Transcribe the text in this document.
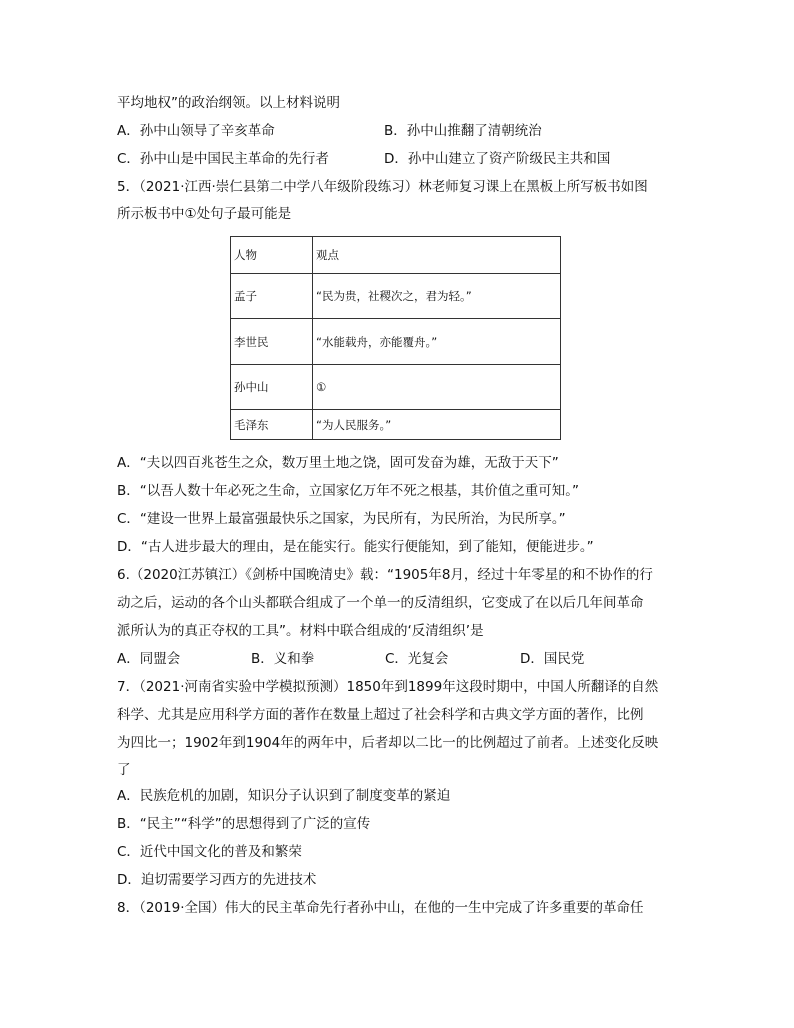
平均地权”的政治纲领。以上材料说明
A．孙中山领导了辛亥革命	B．孙中山推翻了清朝统治
C．孙中山是中国民主革命的先行者	D．孙中山建立了资产阶级民主共和国
5．（2021·江西·崇仁县第二中学八年级阶段练习）林老师复习课上在黑板上所写板书如图
所示板书中①处句子最可能是
人物	观点
孟子	“民为贵，社稷次之，君为轻。”
李世民	“水能载舟，亦能覆舟。”
孙中山	①
毛泽东	“为人民服务。”
A．“夫以四百兆苍生之众，数万里土地之饶，固可发奋为雄，无敌于天下”
B．“以吾人数十年必死之生命，立国家亿万年不死之根基，其价值之重可知。”
C．“建设一世界上最富强最快乐之国家，为民所有，为民所治，为民所享。”
D．“古人进步最大的理由，是在能实行。能实行便能知，到了能知，便能进步。”
6.（2020江苏镇江）《剑桥中国晚清史》载：“1905年8月，经过十年零星的和不协作的行
动之后，运动的各个山头都联合组成了一个单一的反清组织，它变成了在以后几年间革命
派所认为的真正夺权的工具”。材料中联合组成的‘反清组织’是
A．同盟会	B．义和拳	C．光复会	D．国民党
7．（2021·河南省实验中学模拟预测）1850年到1899年这段时期中，中国人所翻译的自然
科学、尤其是应用科学方面的著作在数量上超过了社会科学和古典文学方面的著作，比例
为四比一；1902年到1904年的两年中，后者却以二比一的比例超过了前者。上述变化反映
了
A．民族危机的加剧，知识分子认识到了制度变革的紧迫
B．“民主”“科学”的思想得到了广泛的宣传
C．近代中国文化的普及和繁荣
D．迫切需要学习西方的先进技术
8．（2019·全国）伟大的民主革命先行者孙中山，在他的一生中完成了许多重要的革命任
